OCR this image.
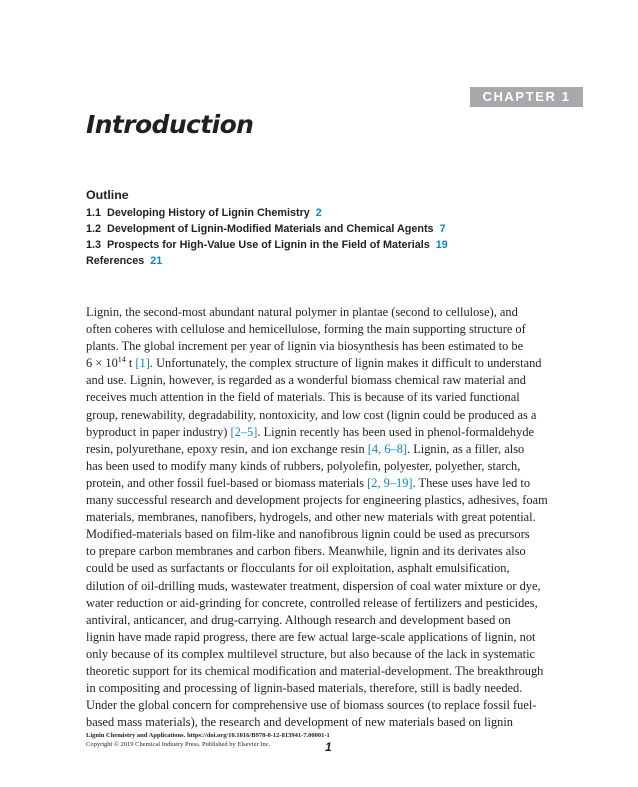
CHAPTER 1
Introduction
Outline
1.1 Developing History of Lignin Chemistry 2
1.2 Development of Lignin-Modified Materials and Chemical Agents 7
1.3 Prospects for High-Value Use of Lignin in the Field of Materials 19
References 21
Lignin, the second-most abundant natural polymer in plantae (second to cellulose), and
often coheres with cellulose and hemicellulose, forming the main supporting structure of
plants. The global increment per year of lignin via biosynthesis has been estimated to be
$6 \times 10^{14}$ t [1]. Unfortunately, the complex structure of lignin makes it difficult to understand
and use. Lignin, however, is regarded as a wonderful biomass chemical raw material and
receives much attention in the field of materials. This is because of its varied functional
group, renewability, degradability, nontoxicity, and low cost (lignin could be produced as a
byproduct in paper industry) [2–5]. Lignin recently has been used in phenol-formaldehyde
resin, polyurethane, epoxy resin, and ion exchange resin [4, 6–8]. Lignin, as a filler, also
has been used to modify many kinds of rubbers, polyolefin, polyester, polyether, starch,
protein, and other fossil fuel-based or biomass materials [2, 9–19]. These uses have led to
many successful research and development projects for engineering plastics, adhesives, foam
materials, membranes, nanofibers, hydrogels, and other new materials with great potential.
Modified-materials based on film-like and nanofibrous lignin could be used as precursors
to prepare carbon membranes and carbon fibers. Meanwhile, lignin and its derivates also
could be used as surfactants or flocculants for oil exploitation, asphalt emulsification,
dilution of oil-drilling muds, wastewater treatment, dispersion of coal water mixture or dye,
water reduction or aid-grinding for concrete, controlled release of fertilizers and pesticides,
antiviral, anticancer, and drug-carrying. Although research and development based on
lignin have made rapid progress, there are few actual large-scale applications of lignin, not
only because of its complex multilevel structure, but also because of the lack in systematic
theoretic support for its chemical modification and material-development. The breakthrough
in compositing and processing of lignin-based materials, therefore, still is badly needed.
Under the global concern for comprehensive use of biomass sources (to replace fossil fuel-
based mass materials), the research and development of new materials based on lignin
Lignin Chemistry and Applications. https://doi.org/10.1016/B978-0-12-813941-7.00001-1
Copyright © 2019 Chemical Industry Press. Published by Elsevier Inc.	1
